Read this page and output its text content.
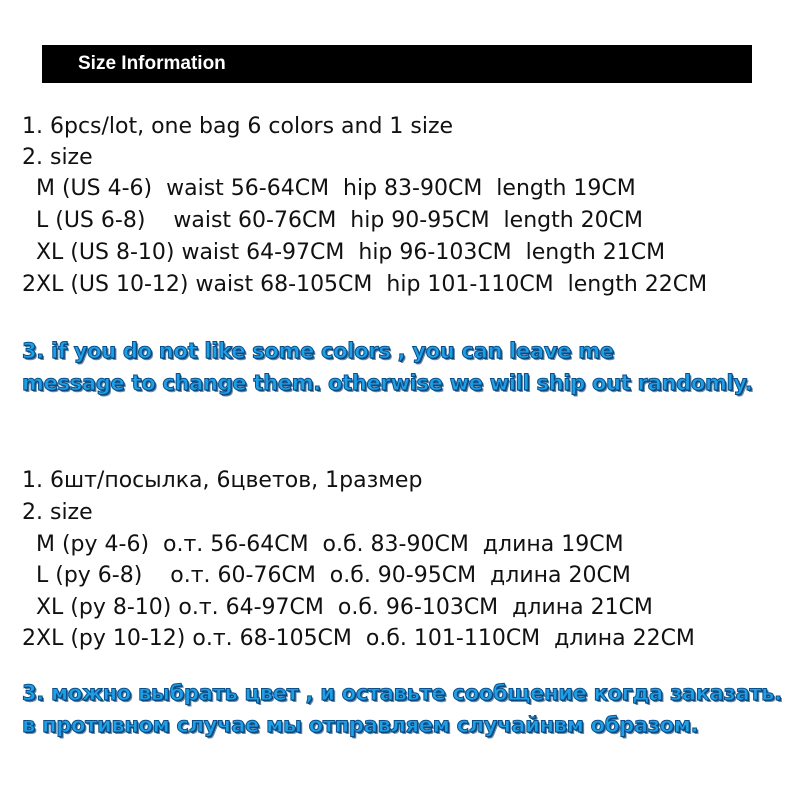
Size Information
1. 6pcs/lot, one bag 6 colors and 1 size
2. size
M (US 4-6)  waist 56-64CM  hip 83-90CM  length 19CM
L (US 6-8)    waist 60-76CM  hip 90-95CM  length 20CM
XL (US 8-10) waist 64-97CM  hip 96-103CM  length 21CM
2XL (US 10-12) waist 68-105CM  hip 101-110CM  length 22CM
3. if you do not like some colors , you can leave me
message to change them. otherwise we will ship out randomly.
1. 6шт/посылка, 6цветов, 1размер
2. size
M (ру 4-6)  о.т. 56-64CM  о.б. 83-90CM  длина 19CM
L (ру 6-8)    о.т. 60-76CM  о.б. 90-95CM  длина 20CM
XL (ру 8-10) о.т. 64-97CM  о.б. 96-103CM  длина 21CM
2XL (ру 10-12) о.т. 68-105CM  о.б. 101-110CM  длина 22CM
3. можно выбрать цвет , и оставьте сообщение когда заказать.
в противном случае мы отправляем случайнвм образом.
